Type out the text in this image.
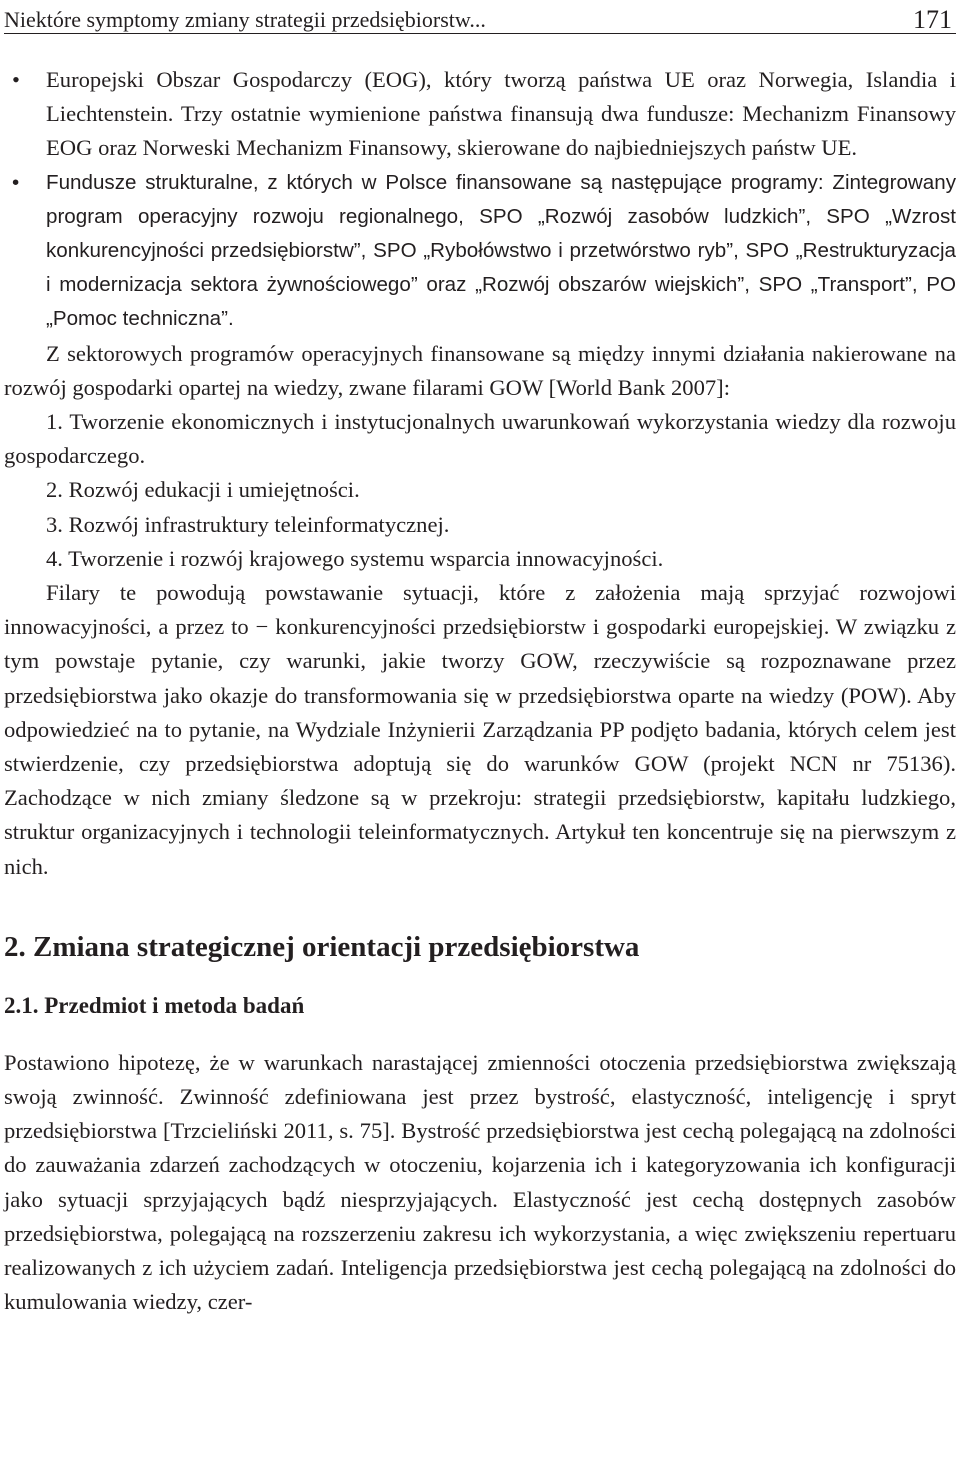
Niektóre symptomy zmiany strategii przedsiębiorstw...	171
• Europejski Obszar Gospodarczy (EOG), który tworzą państwa UE oraz Norwegia, Islandia i Liechtenstein. Trzy ostatnie wymienione państwa finansują dwa fundusze: Mechanizm Finansowy EOG oraz Norweski Mechanizm Finansowy, skierowane do najbiedniejszych państw UE.
• Fundusze strukturalne, z których w Polsce finansowane są następujące programy: Zintegrowany program operacyjny rozwoju regionalnego, SPO „Rozwój zasobów ludzkich”, SPO „Wzrost konkurencyjności przedsiębiorstw”, SPO „Rybołówstwo i przetwórstwo ryb”, SPO „Restrukturyzacja i modernizacja sektora żywnościowego” oraz „Rozwój obszarów wiejskich”, SPO „Transport”, PO „Pomoc techniczna”.

Z sektorowych programów operacyjnych finansowane są między innymi działania nakierowane na rozwój gospodarki opartej na wiedzy, zwane filarami GOW [World Bank 2007]:

1. Tworzenie ekonomicznych i instytucjonalnych uwarunkowań wykorzystania wiedzy dla rozwoju gospodarczego.

2. Rozwój edukacji i umiejętności.

3. Rozwój infrastruktury teleinformatycznej.

4. Tworzenie i rozwój krajowego systemu wsparcia innowacyjności.

Filary te powodują powstawanie sytuacji, które z założenia mają sprzyjać rozwojowi innowacyjności, a przez to − konkurencyjności przedsiębiorstw i gospodarki europejskiej. W związku z tym powstaje pytanie, czy warunki, jakie tworzy GOW, rzeczywiście są rozpoznawane przez przedsiębiorstwa jako okazje do transformowania się w przedsiębiorstwa oparte na wiedzy (POW). Aby odpowiedzieć na to pytanie, na Wydziale Inżynierii Zarządzania PP podjęto badania, których celem jest stwierdzenie, czy przedsiębiorstwa adoptują się do warunków GOW (projekt NCN nr 75136). Zachodzące w nich zmiany śledzone są w przekroju: strategii przedsiębiorstw, kapitału ludzkiego, struktur organizacyjnych i technologii teleinformatycznych. Artykuł ten koncentruje się na pierwszym z nich.

2. Zmiana strategicznej orientacji przedsiębiorstwa
2.1. Przedmiot i metoda badań

Postawiono hipotezę, że w warunkach narastającej zmienności otoczenia przedsiębiorstwa zwiększają swoją zwinność. Zwinność zdefiniowana jest przez bystrość, elastyczność, inteligencję i spryt przedsiębiorstwa [Trzcieliński 2011, s. 75]. Bystrość przedsiębiorstwa jest cechą polegającą na zdolności do zauważania zdarzeń zachodzących w otoczeniu, kojarzenia ich i kategoryzowania ich konfiguracji jako sytuacji sprzyjających bądź niesprzyjających. Elastyczność jest cechą dostępnych zasobów przedsiębiorstwa, polegającą na rozszerzeniu zakresu ich wykorzystania, a więc zwiększeniu repertuaru realizowanych z ich użyciem zadań. Inteligencja przedsiębiorstwa jest cechą polegającą na zdolności do kumulowania wiedzy, czer-
